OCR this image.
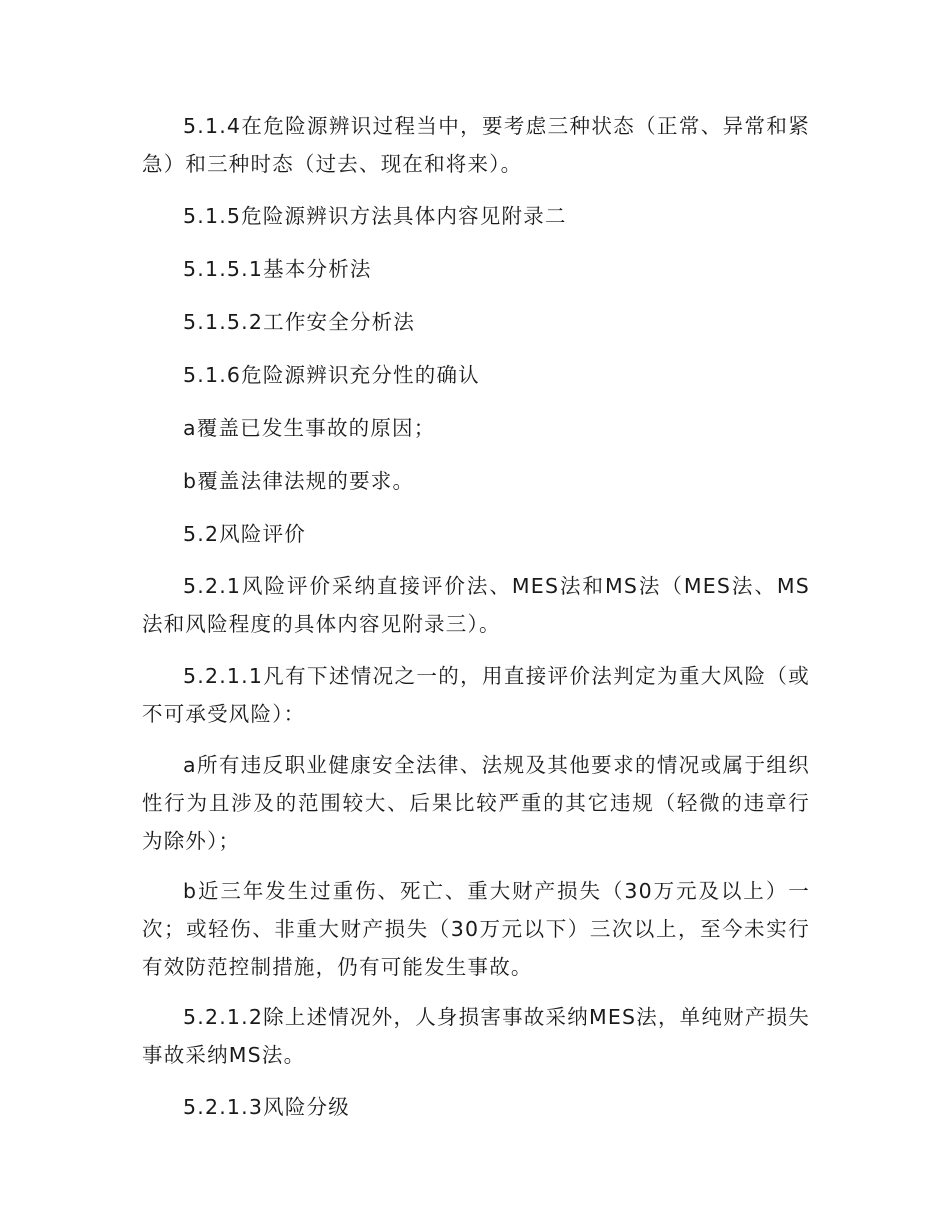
5.1.4在危险源辨识过程当中，要考虑三种状态（正常、异常和紧急）和三种时态（过去、现在和将来）。

5.1.5危险源辨识方法具体内容见附录二

5.1.5.1基本分析法

5.1.5.2工作安全分析法

5.1.6危险源辨识充分性的确认

a覆盖已发生事故的原因；

b覆盖法律法规的要求。

5.2风险评价

5.2.1风险评价采纳直接评价法、MES法和MS法（MES法、MS法和风险程度的具体内容见附录三）。

5.2.1.1凡有下述情况之一的，用直接评价法判定为重大风险（或不可承受风险）：

a所有违反职业健康安全法律、法规及其他要求的情况或属于组织性行为且涉及的范围较大、后果比较严重的其它违规（轻微的违章行为除外）；

b近三年发生过重伤、死亡、重大财产损失（30万元及以上）一次；或轻伤、非重大财产损失（30万元以下）三次以上，至今未实行有效防范控制措施，仍有可能发生事故。

5.2.1.2除上述情况外，人身损害事故采纳MES法，单纯财产损失事故采纳MS法。

5.2.1.3风险分级
